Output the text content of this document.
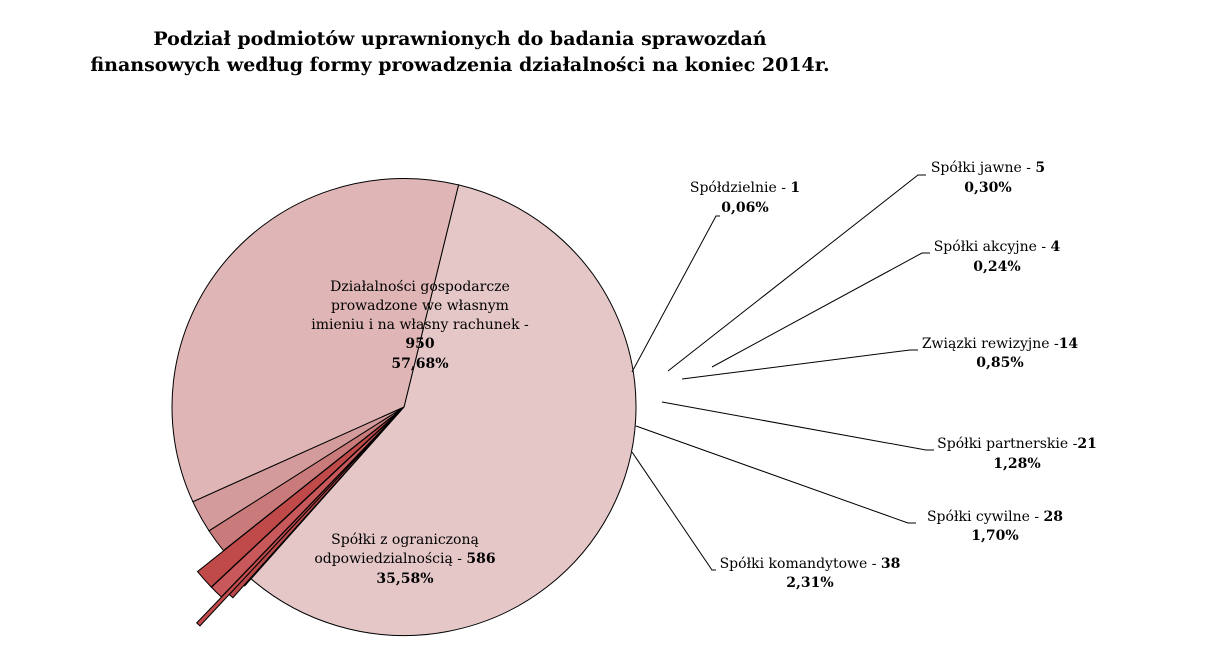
Podział podmiotów uprawnionych do badania sprawozdań
finansowych według formy prowadzenia działalności na koniec 2014r.
Działalności gospodarcze
prowadzone we własnym
imieniu i na własny rachunek -
950
57,68%
Spółki z ograniczoną
odpowiedzialnością - 586
35,58%
Spółdzielnie - 1
0,06%
Spółki jawne - 5
0,30%
Spółki akcyjne - 4
0,24%
Związki rewizyjne -14
0,85%
Spółki partnerskie -21
1,28%
Spółki cywilne - 28
1,70%
Spółki komandytowe - 38
2,31%
